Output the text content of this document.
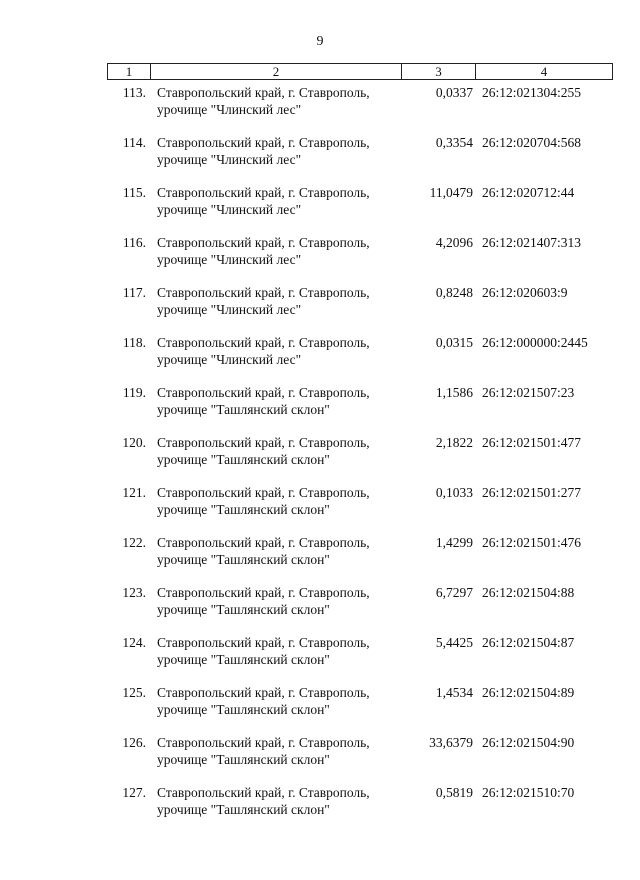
9
1	2	3	4
113. Ставропольский край, г. Ставрополь,
урочище "Члинский лес"
0,0337 26:12:021304:255
114. Ставропольский край, г. Ставрополь,
урочище "Члинский лес"
0,3354 26:12:020704:568
115. Ставропольский край, г. Ставрополь,
урочище "Члинский лес"
11,0479 26:12:020712:44
116. Ставропольский край, г. Ставрополь,
урочище "Члинский лес"
4,2096 26:12:021407:313
117. Ставропольский край, г. Ставрополь,
урочище "Члинский лес"
0,8248 26:12:020603:9
118. Ставропольский край, г. Ставрополь,
урочище "Члинский лес"
0,0315 26:12:000000:2445
119. Ставропольский край, г. Ставрополь,
урочище "Ташлянский склон"
1,1586 26:12:021507:23
120. Ставропольский край, г. Ставрополь,
урочище "Ташлянский склон"
2,1822 26:12:021501:477
121. Ставропольский край, г. Ставрополь,
урочище "Ташлянский склон"
0,1033 26:12:021501:277
122. Ставропольский край, г. Ставрополь,
урочище "Ташлянский склон"
1,4299 26:12:021501:476
123. Ставропольский край, г. Ставрополь,
урочище "Ташлянский склон"
6,7297 26:12:021504:88
124. Ставропольский край, г. Ставрополь,
урочище "Ташлянский склон"
5,4425 26:12:021504:87
125. Ставропольский край, г. Ставрополь,
урочище "Ташлянский склон"
1,4534 26:12:021504:89
126. Ставропольский край, г. Ставрополь,
урочище "Ташлянский склон"
33,6379 26:12:021504:90
127. Ставропольский край, г. Ставрополь,
урочище "Ташлянский склон"
0,5819 26:12:021510:70
